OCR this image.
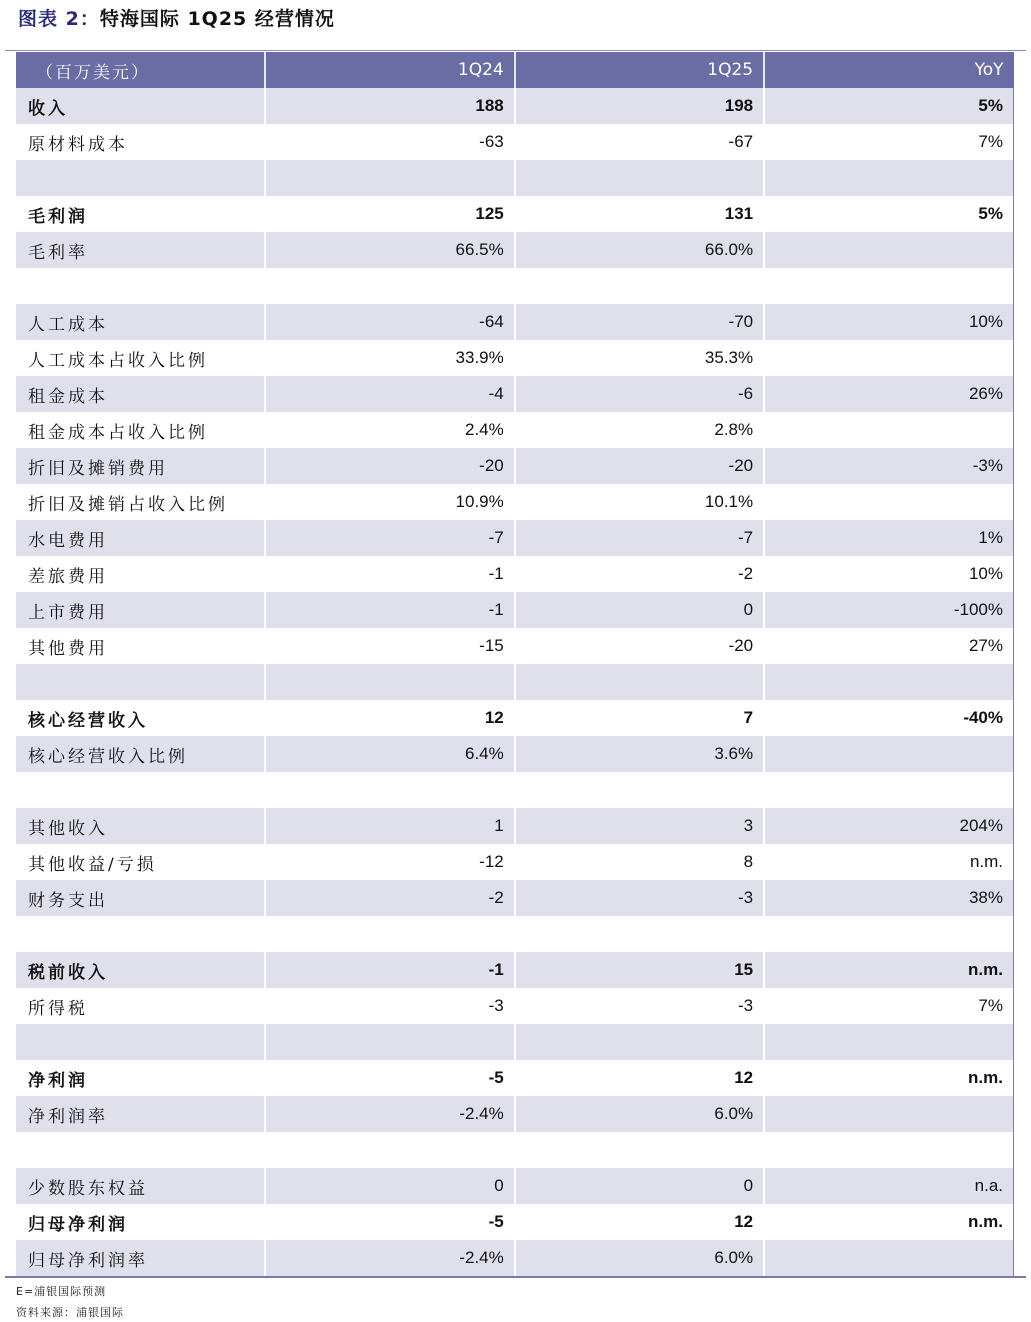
图表 2：特海国际 1Q25 经营情况
（百万美元）	1Q24	1Q25	YoY
收入	188	198	5%
原材料成本	-63	-67	7%

毛利润	125	131	5%
毛利率	66.5%	66.0%	

人工成本	-64	-70	10%
人工成本占收入比例	33.9%	35.3%	
租金成本	-4	-6	26%
租金成本占收入比例	2.4%	2.8%	
折旧及摊销费用	-20	-20	-3%
折旧及摊销占收入比例	10.9%	10.1%	
水电费用	-7	-7	1%
差旅费用	-1	-2	10%
上市费用	-1	0	-100%
其他费用	-15	-20	27%

核心经营收入	12	7	-40%
核心经营收入比例	6.4%	3.6%	

其他收入	1	3	204%
其他收益/亏损	-12	8	n.m.
财务支出	-2	-3	38%

税前收入	-1	15	n.m.
所得税	-3	-3	7%

净利润	-5	12	n.m.
净利润率	-2.4%	6.0%	

少数股东权益	0	0	n.a.
归母净利润	-5	12	n.m.
归母净利润率	-2.4%	6.0%	
E=浦银国际预测
资料来源：浦银国际
